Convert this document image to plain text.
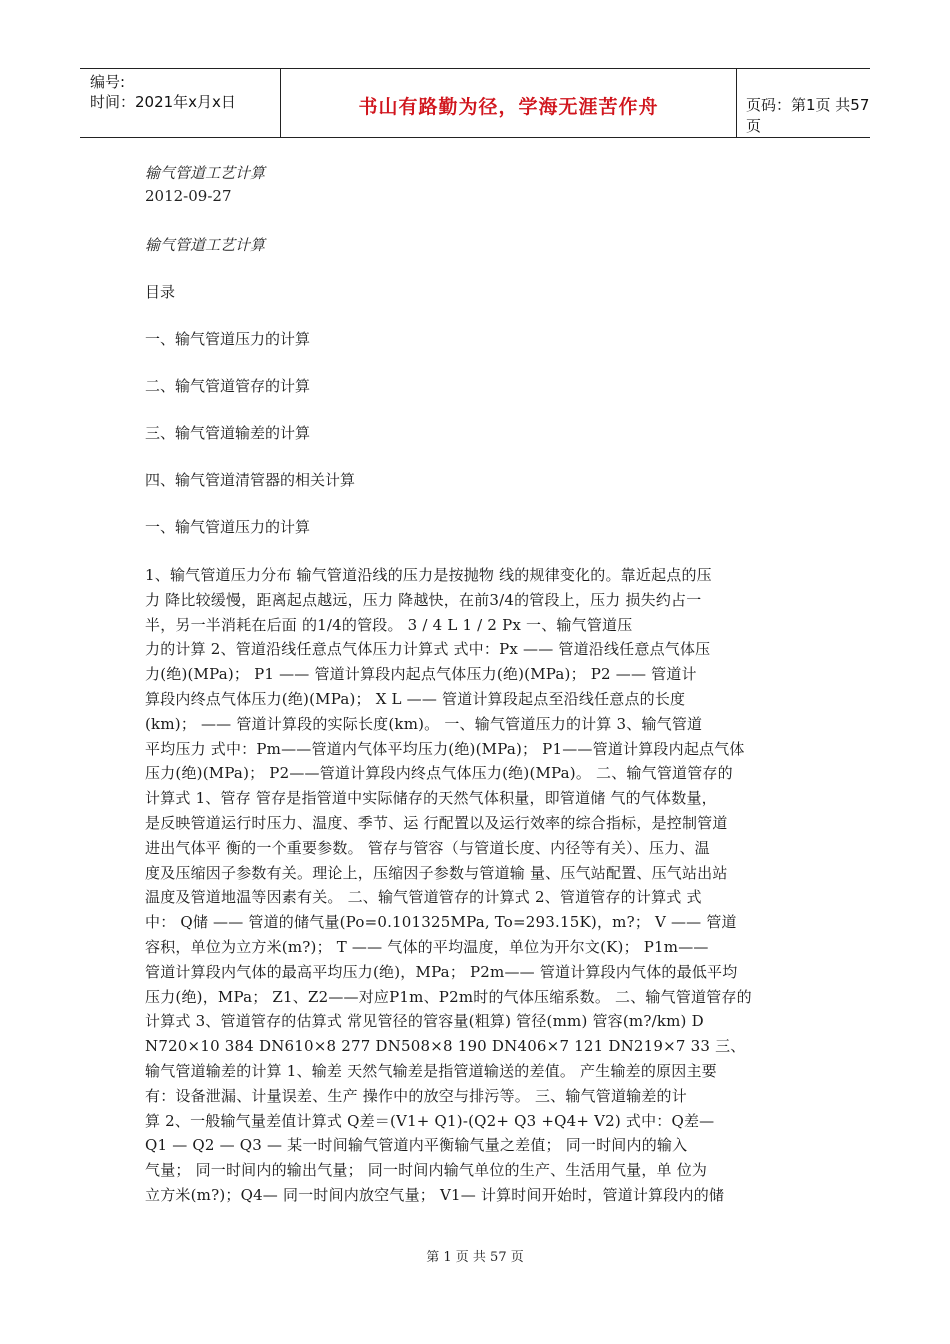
编号:
时间：2021年x月x日	书山有路勤为径，学海无涯苦作舟	页码：第1页 共57页
输气管道工艺计算
2012-09-27
输气管道工艺计算
目录
一、输气管道压力的计算
二、输气管道管存的计算
三、输气管道输差的计算
四、输气管道清管器的相关计算
一、输气管道压力的计算
1、输气管道压力分布 输气管道沿线的压力是按抛物 线的规律变化的。靠近起点的压
力 降比较缓慢，距离起点越远，压力 降越快，在前3/4的管段上，压力 损失约占一
半，另一半消耗在后面 的1/4的管段。 3 / 4 L 1 / 2 Px 一、输气管道压
力的计算 2、管道沿线任意点气体压力计算式 式中：Px —— 管道沿线任意点气体压
力(绝)(MPa)； P1 —— 管道计算段内起点气体压力(绝)(MPa)； P2 —— 管道计
算段内终点气体压力(绝)(MPa)； X L —— 管道计算段起点至沿线任意点的长度
(km)； —— 管道计算段的实际长度(km)。 一、输气管道压力的计算 3、输气管道
平均压力 式中：Pm——管道内气体平均压力(绝)(MPa)； P1——管道计算段内起点气体
压力(绝)(MPa)； P2——管道计算段内终点气体压力(绝)(MPa)。 二、输气管道管存的
计算式 1、管存 管存是指管道中实际储存的天然气体积量，即管道储 气的气体数量，
是反映管道运行时压力、温度、季节、运 行配置以及运行效率的综合指标，是控制管道
进出气体平 衡的一个重要参数。 管存与管容（与管道长度、内径等有关）、压力、温
度及压缩因子参数有关。理论上，压缩因子参数与管道输 量、压气站配置、压气站出站
温度及管道地温等因素有关。 二、输气管道管存的计算式 2、管道管存的计算式 式
中： Q储 —— 管道的储气量(Po=0.101325MPa, To=293.15K)，m?； V —— 管道
容积，单位为立方米(m?)； T —— 气体的平均温度，单位为开尔文(K)； P1m——
管道计算段内气体的最高平均压力(绝)，MPa； P2m—— 管道计算段内气体的最低平均
压力(绝)，MPa； Z1、Z2——对应P1m、P2m时的气体压缩系数。 二、输气管道管存的
计算式 3、管道管存的估算式 常见管径的管容量(粗算) 管径(mm) 管容(m?/km) D
N720×10 384 DN610×8 277 DN508×8 190 DN406×7 121 DN219×7 33 三、
输气管道输差的计算 1、输差 天然气输差是指管道输送的差值。 产生输差的原因主要
有：设备泄漏、计量误差、生产 操作中的放空与排污等。 三、输气管道输差的计
算 2、一般输气量差值计算式 Q差＝(V1+ Q1)-(Q2+ Q3 +Q4+ V2) 式中：Q差—
Q1 — Q2 — Q3 — 某一时间输气管道内平衡输气量之差值； 同一时间内的输入
气量； 同一时间内的输出气量； 同一时间内输气单位的生产、生活用气量，单 位为
立方米(m?)；Q4— 同一时间内放空气量； V1— 计算时间开始时，管道计算段内的储
第 1 页 共 57 页
